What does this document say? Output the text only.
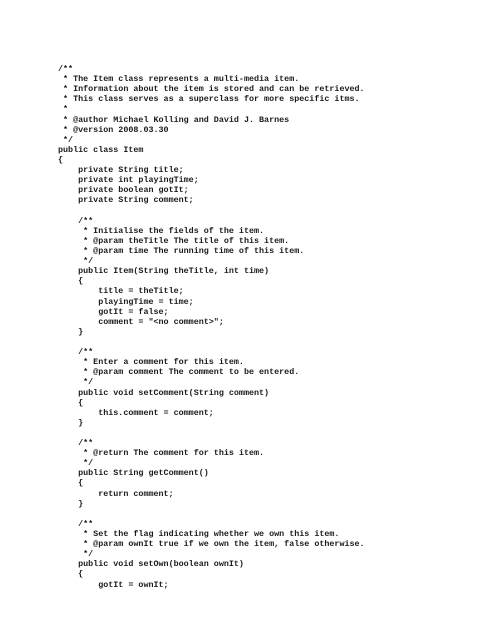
/**
* The Item class represents a multi-media item.
* Information about the item is stored and can be retrieved.
* This class serves as a superclass for more specific itms.
*
* @author Michael Kolling and David J. Barnes
* @version 2008.03.30
*/
public class Item
{
private String title;
private int playingTime;
private boolean gotIt;
private String comment;
/**
* Initialise the fields of the item.
* @param theTitle The title of this item.
* @param time The running time of this item.
*/
public Item(String theTitle, int time)
{
title = theTitle;
playingTime = time;
gotIt = false;
comment = "<no comment>";
}
/**
* Enter a comment for this item.
* @param comment The comment to be entered.
*/
public void setComment(String comment)
{
this.comment = comment;
}
/**
* @return The comment for this item.
*/
public String getComment()
{
return comment;
}
/**
* Set the flag indicating whether we own this item.
* @param ownIt true if we own the item, false otherwise.
*/
public void setOwn(boolean ownIt)
{
gotIt = ownIt;
